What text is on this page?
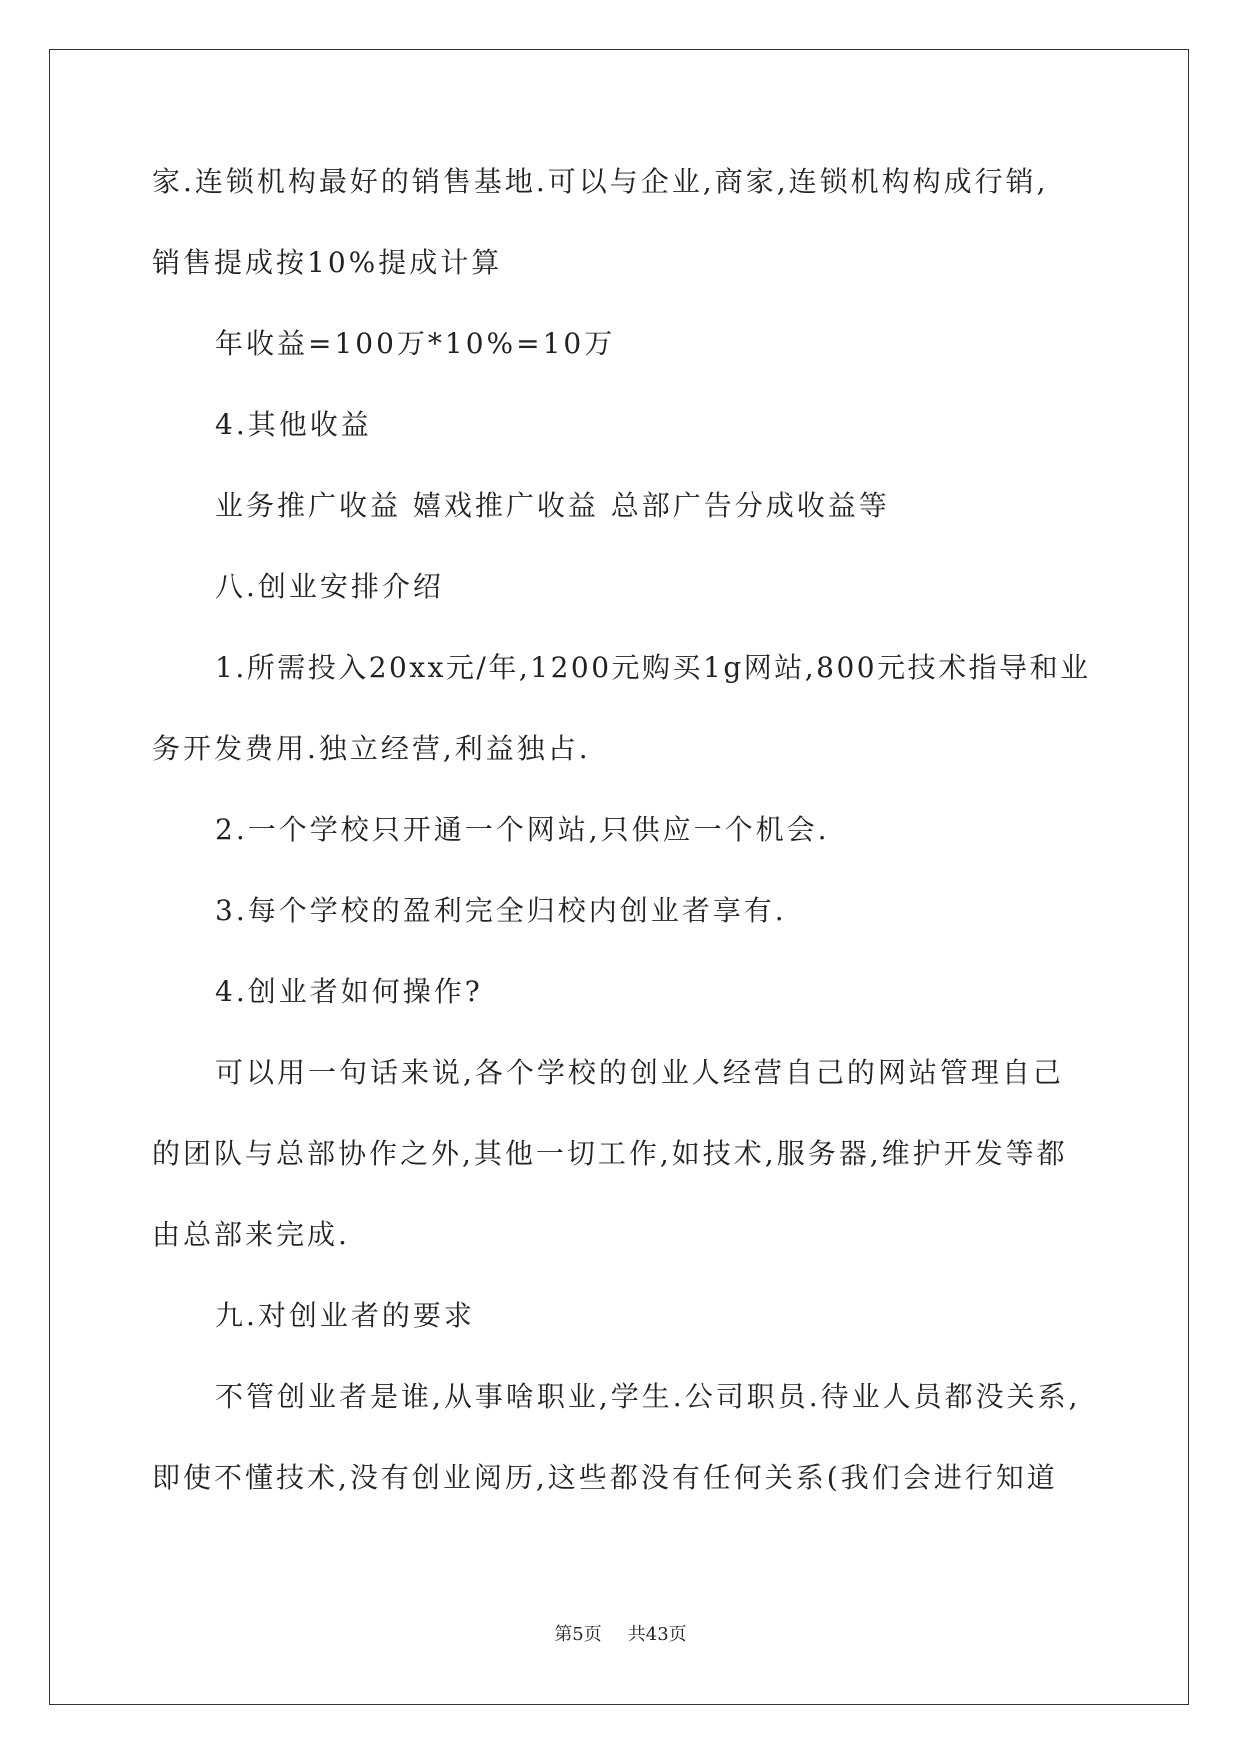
家.连锁机构最好的销售基地.可以与企业,商家,连锁机构构成行销,
销售提成按10%提成计算
年收益=100万*10%=10万
4.其他收益
业务推广收益 嬉戏推广收益 总部广告分成收益等
八.创业安排介绍
1.所需投入20xx元/年,1200元购买1g网站,800元技术指导和业
务开发费用.独立经营,利益独占.
2.一个学校只开通一个网站,只供应一个机会.
3.每个学校的盈利完全归校内创业者享有.
4.创业者如何操作?
可以用一句话来说,各个学校的创业人经营自己的网站管理自己
的团队与总部协作之外,其他一切工作,如技术,服务器,维护开发等都
由总部来完成.
九.对创业者的要求
不管创业者是谁,从事啥职业,学生.公司职员.待业人员都没关系,
即使不懂技术,没有创业阅历,这些都没有任何关系(我们会进行知道
第5页 共43页
